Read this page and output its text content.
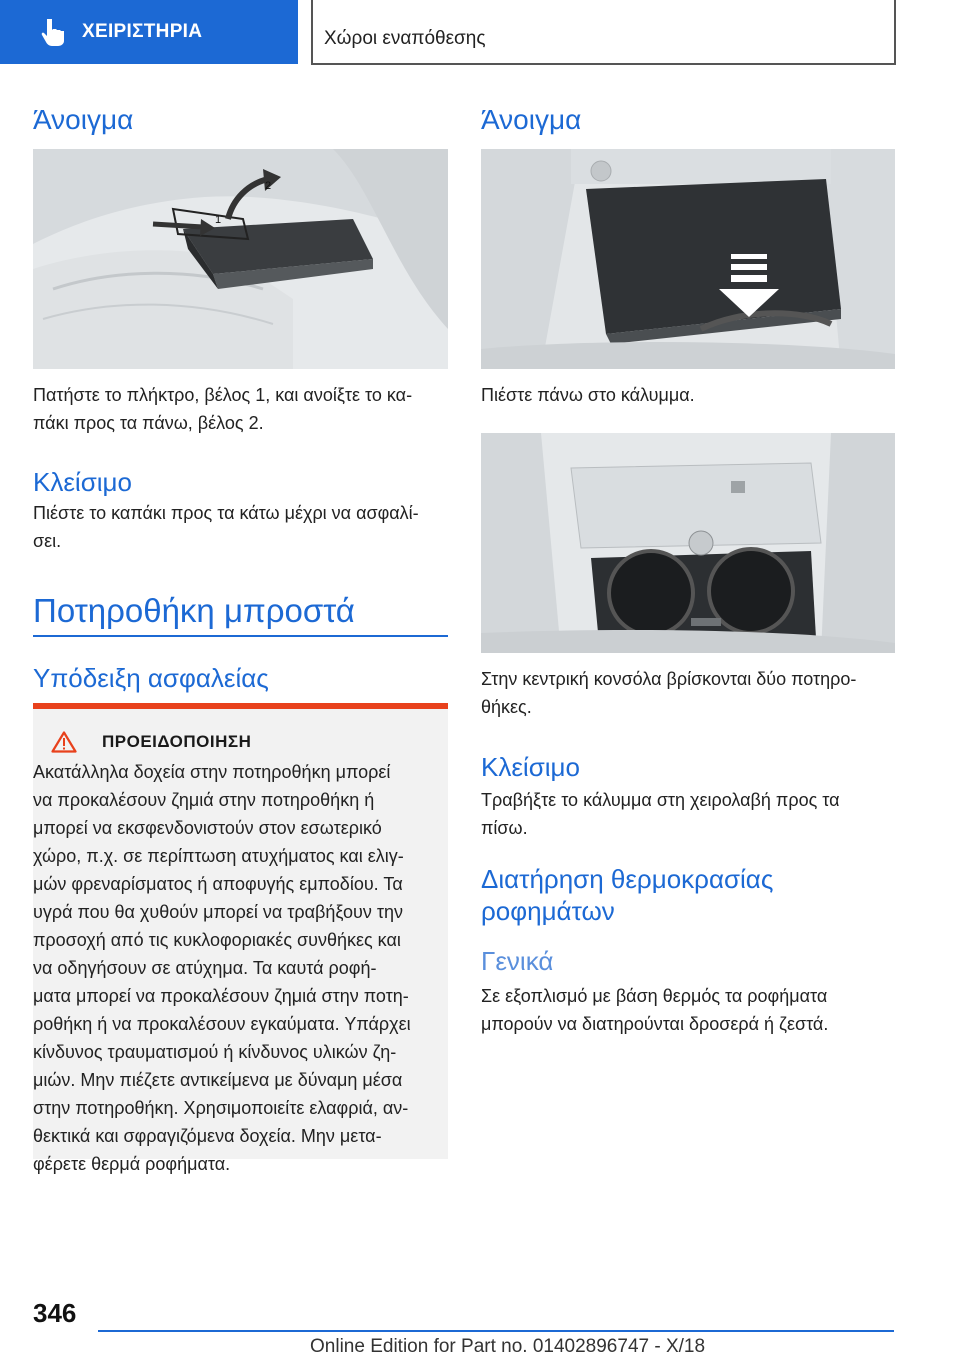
ΧΕΙΡΙΣΤΗΡΙΑ	Χώροι εναπόθεσης
Άνοιγμα
1
2
Πατήστε το πλήκτρο, βέλος 1, και ανοίξτε το κα-
πάκι προς τα πάνω, βέλος 2.
Κλείσιμο
Πιέστε το καπάκι προς τα κάτω μέχρι να ασφαλί-
σει.
Ποτηροθήκη μπροστά
Υπόδειξη ασφαλείας
ΠΡΟΕΙΔΟΠΟΙΗΣΗ
Ακατάλληλα δοχεία στην ποτηροθήκη μπορεί
να προκαλέσουν ζημιά στην ποτηροθήκη ή
μπορεί να εκσφενδονιστούν στον εσωτερικό
χώρο, π.χ. σε περίπτωση ατυχήματος και ελιγ-
μών φρεναρίσματος ή αποφυγής εμποδίου. Τα
υγρά που θα χυθούν μπορεί να τραβήξουν την
προσοχή από τις κυκλοφοριακές συνθήκες και
να οδηγήσουν σε ατύχημα. Τα καυτά ροφή-
ματα μπορεί να προκαλέσουν ζημιά στην ποτη-
ροθήκη ή να προκαλέσουν εγκαύματα. Υπάρχει
κίνδυνος τραυματισμού ή κίνδυνος υλικών ζη-
μιών. Μην πιέζετε αντικείμενα με δύναμη μέσα
στην ποτηροθήκη. Χρησιμοποιείτε ελαφριά, αν-
θεκτικά και σφραγιζόμενα δοχεία. Μην μετα-
φέρετε θερμά ροφήματα.
Άνοιγμα
Πιέστε πάνω στο κάλυμμα.
Στην κεντρική κονσόλα βρίσκονται δύο ποτηρο-
θήκες.
Κλείσιμο
Τραβήξτε το κάλυμμα στη χειρολαβή προς τα
πίσω.
Διατήρηση θερμοκρασίας
ροφημάτων
Γενικά
Σε εξοπλισμό με βάση θερμός τα ροφήματα
μπορούν να διατηρούνται δροσερά ή ζεστά.
346
Online Edition for Part no. 01402896747 - X/18
